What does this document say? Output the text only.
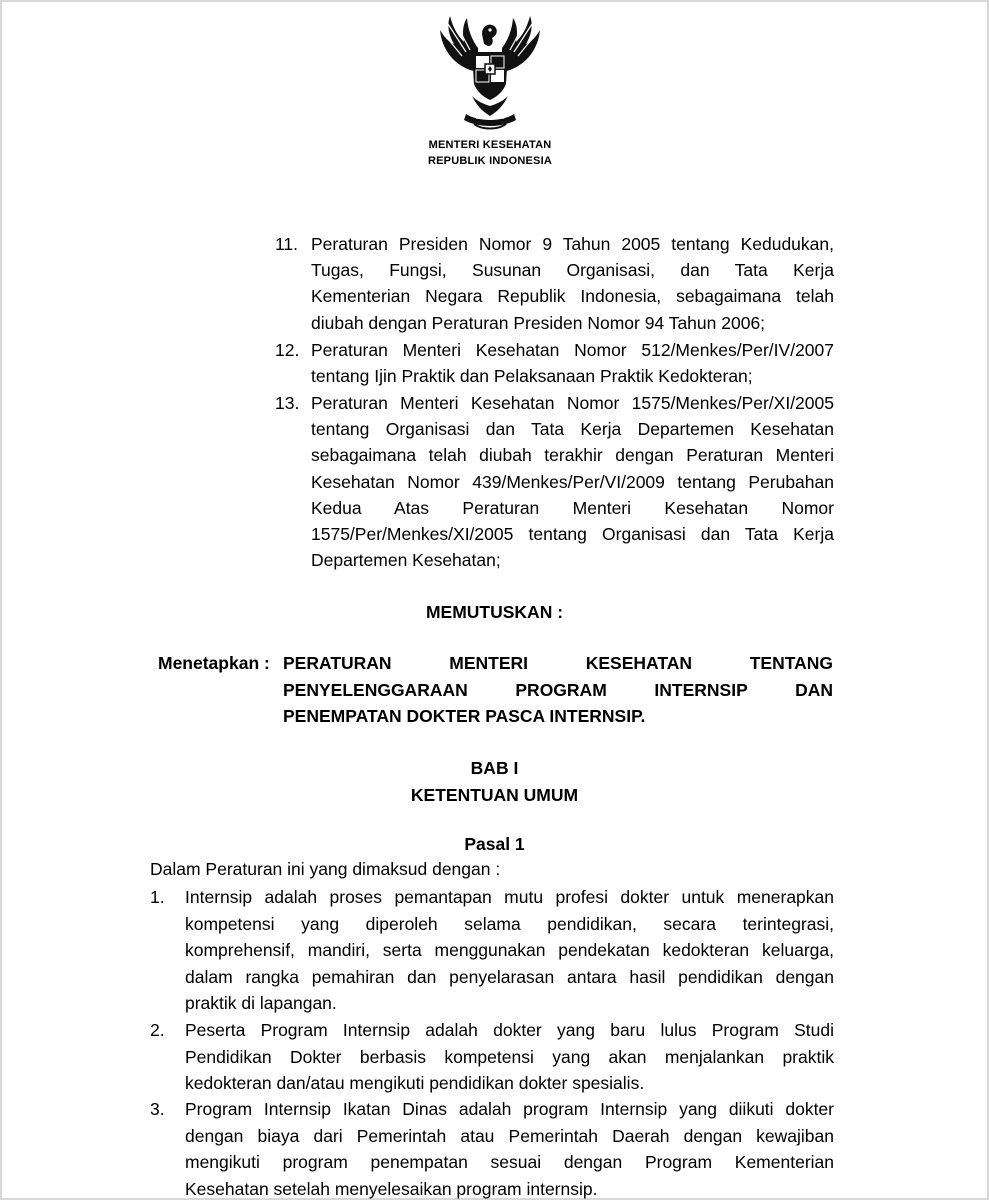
MENTERI KESEHATAN
REPUBLIK INDONESIA
11. Peraturan Presiden Nomor 9 Tahun 2005 tentang Kedudukan,
Tugas, Fungsi, Susunan Organisasi, dan Tata Kerja
Kementerian Negara Republik Indonesia, sebagaimana telah
diubah dengan Peraturan Presiden Nomor 94 Tahun 2006;
12. Peraturan Menteri Kesehatan Nomor 512/Menkes/Per/IV/2007
tentang Ijin Praktik dan Pelaksanaan Praktik Kedokteran;
13. Peraturan Menteri Kesehatan Nomor 1575/Menkes/Per/XI/2005
tentang Organisasi dan Tata Kerja Departemen Kesehatan
sebagaimana telah diubah terakhir dengan Peraturan Menteri
Kesehatan Nomor 439/Menkes/Per/VI/2009 tentang Perubahan
Kedua Atas Peraturan Menteri Kesehatan Nomor
1575/Per/Menkes/XI/2005 tentang Organisasi dan Tata Kerja
Departemen Kesehatan;
MEMUTUSKAN :
Menetapkan : PERATURAN MENTERI KESEHATAN TENTANG
PENYELENGGARAAN PROGRAM INTERNSIP DAN
PENEMPATAN DOKTER PASCA INTERNSIP.
BAB I
KETENTUAN UMUM
Pasal 1
Dalam Peraturan ini yang dimaksud dengan :
1. Internsip adalah proses pemantapan mutu profesi dokter untuk menerapkan
kompetensi yang diperoleh selama pendidikan, secara terintegrasi,
komprehensif, mandiri, serta menggunakan pendekatan kedokteran keluarga,
dalam rangka pemahiran dan penyelarasan antara hasil pendidikan dengan
praktik di lapangan.
2. Peserta Program Internsip adalah dokter yang baru lulus Program Studi
Pendidikan Dokter berbasis kompetensi yang akan menjalankan praktik
kedokteran dan/atau mengikuti pendidikan dokter spesialis.
3. Program Internsip Ikatan Dinas adalah program Internsip yang diikuti dokter
dengan biaya dari Pemerintah atau Pemerintah Daerah dengan kewajiban
mengikuti program penempatan sesuai dengan Program Kementerian
Kesehatan setelah menyelesaikan program internsip.
